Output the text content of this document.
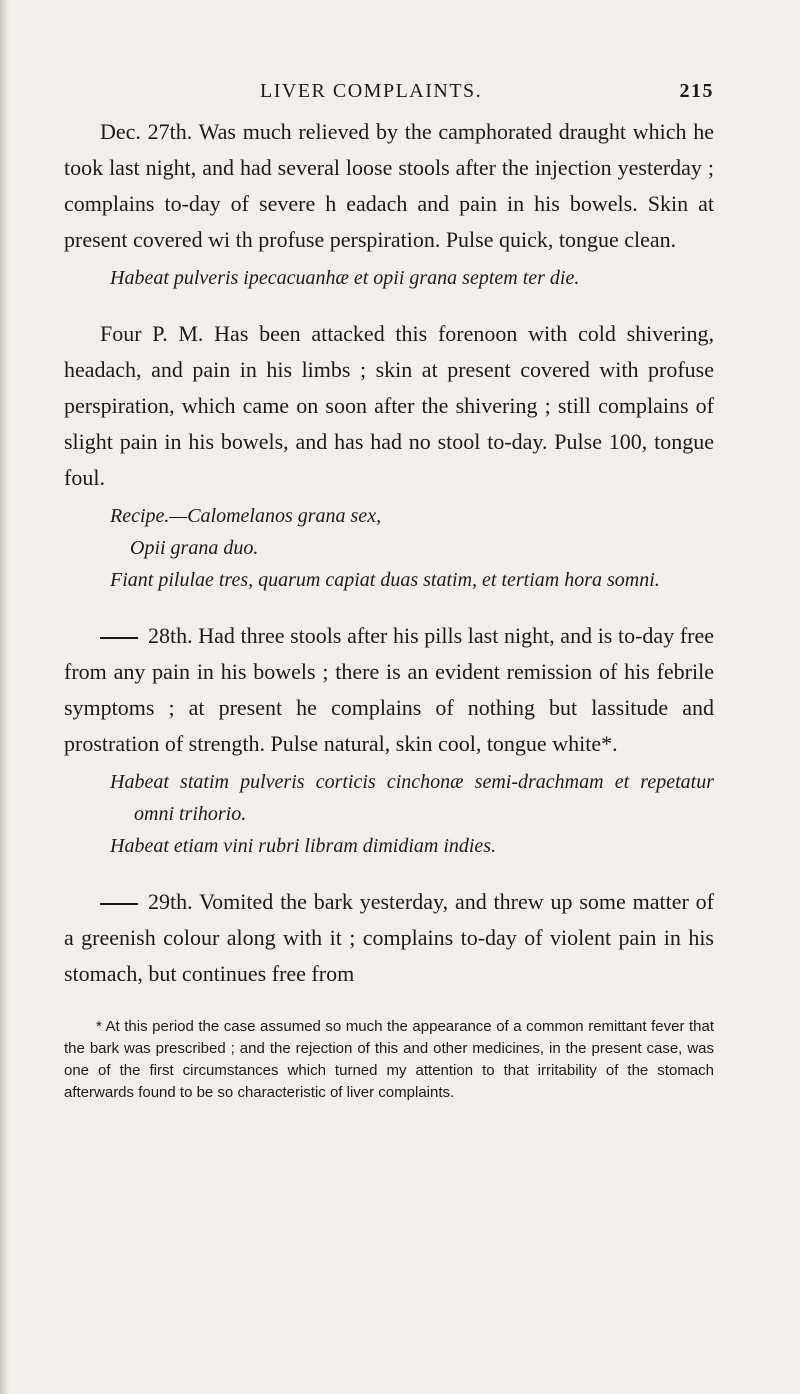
LIVER COMPLAINTS.	215

Dec. 27th. Was much relieved by the camphorated draught which he took last night, and had several loose stools after the injection yesterday ; complains to-day of severe h eadach and pain in his bowels. Skin at present covered wi th profuse perspiration. Pulse quick, tongue clean.

Habeat pulveris ipecacuanhæ et opii grana septem ter die.

Four P. M. Has been attacked this forenoon with cold shivering, headach, and pain in his limbs ; skin at present covered with profuse perspiration, which came on soon after the shivering ; still complains of slight pain in his bowels, and has had no stool to-day. Pulse 100, tongue foul.

Recipe.—Calomelanos grana sex,

Opii grana duo.

Fiant pilulae tres, quarum capiat duas statim, et tertiam hora somni.

28th. Had three stools after his pills last night, and is to-day free from any pain in his bowels ; there is an evident remission of his febrile symptoms ; at present he complains of nothing but lassitude and prostration of strength. Pulse natural, skin cool, tongue white*.

Habeat statim pulveris corticis cinchonæ semi-drachmam et repetatur omni trihorio.

Habeat etiam vini rubri libram dimidiam indies.

29th. Vomited the bark yesterday, and threw up some matter of a greenish colour along with it ; complains to-day of violent pain in his stomach, but continues free from

* At this period the case assumed so much the appearance of a common remittant fever that the bark was prescribed ; and the rejection of this and other medicines, in the present case, was one of the first circumstances which turned my attention to that irritability of the stomach afterwards found to be so characteristic of liver complaints.
